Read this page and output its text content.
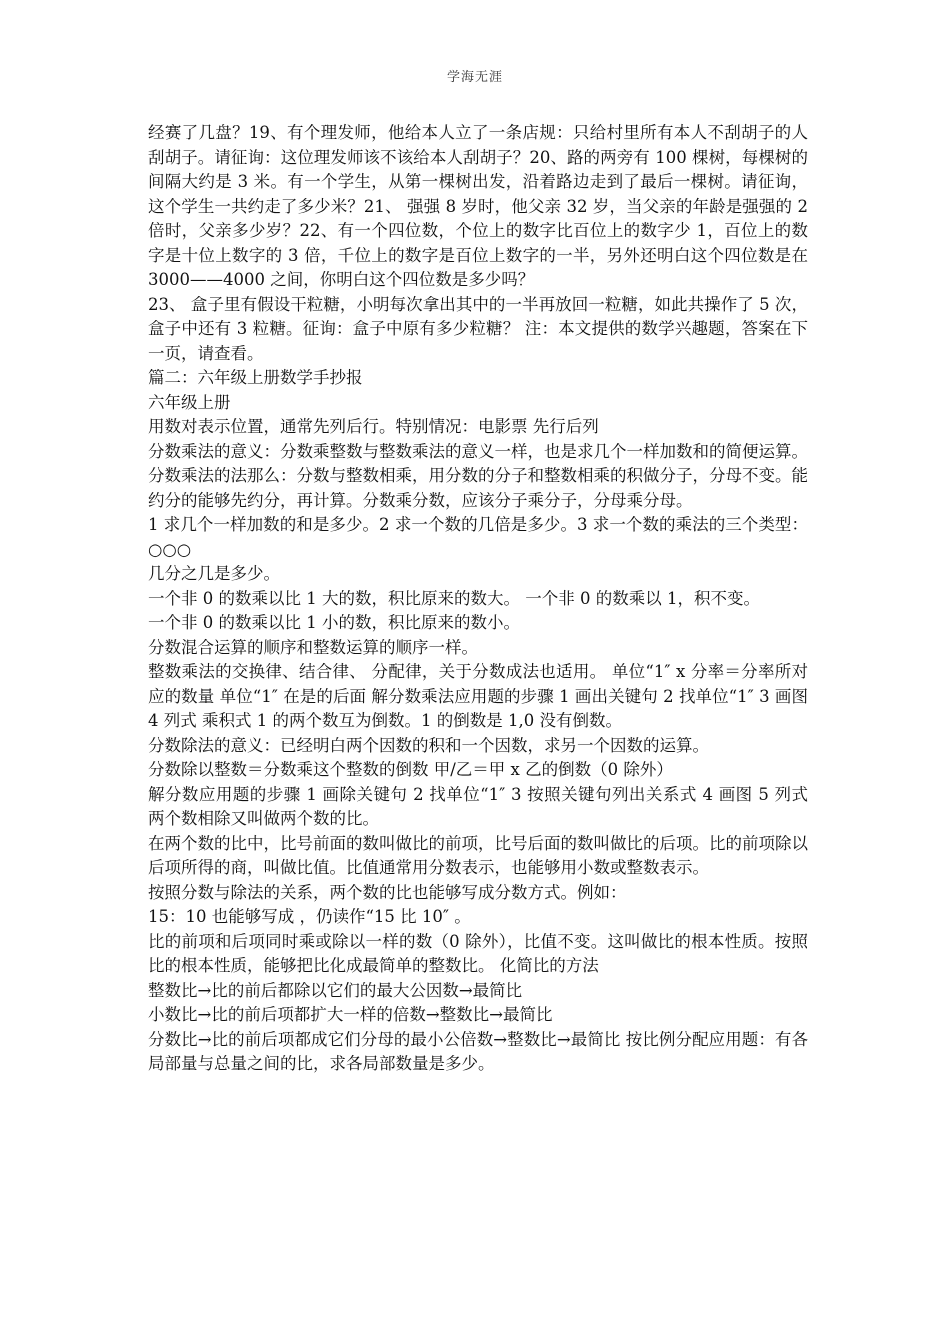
学海无涯

经赛了几盘？19、有个理发师，他给本人立了一条店规：只给村里所有本人不刮胡子的人刮胡子。请征询：这位理发师该不该给本人刮胡子？20、路的两旁有 100 棵树，每棵树的间隔大约是 3 米。有一个学生，从第一棵树出发，沿着路边走到了最后一棵树。请征询，这个学生一共约走了多少米？21、 强强 8 岁时，他父亲 32 岁，当父亲的年龄是强强的 2 倍时，父亲多少岁？22、有一个四位数，个位上的数字比百位上的数字少 1，百位上的数字是十位上数字的 3 倍，千位上的数字是百位上数字的一半，另外还明白这个四位数是在 3000——4000 之间，你明白这个四位数是多少吗？

23、 盒子里有假设干粒糖，小明每次拿出其中的一半再放回一粒糖，如此共操作了 5 次，盒子中还有 3 粒糖。征询：盒子中原有多少粒糖？ 注：本文提供的数学兴趣题，答案在下一页，请查看。

篇二：六年级上册数学手抄报

六年级上册

用数对表示位置，通常先列后行。特别情况：电影票 先行后列

分数乘法的意义：分数乘整数与整数乘法的意义一样，也是求几个一样加数和的简便运算。 分数乘法的法那么：分数与整数相乘，用分数的分子和整数相乘的积做分子，分母不变。能约分的能够先约分，再计算。分数乘分数，应该分子乘分子，分母乘分母。

1 求几个一样加数的和是多少。2 求一个数的几倍是多少。3 求一个数的乘法的三个类型：○○○

几分之几是多少。

一个非 0 的数乘以比 1 大的数，积比原来的数大。 一个非 0 的数乘以 1，积不变。

一个非 0 的数乘以比 1 小的数，积比原来的数小。

分数混合运算的顺序和整数运算的顺序一样。

整数乘法的交换律、结合律、 分配律，关于分数成法也适用。 单位“1″ x 分率＝分率所对应的数量 单位“1″ 在是的后面 解分数乘法应用题的步骤 1 画出关键句 2 找单位“1″ 3 画图 4 列式 乘积式 1 的两个数互为倒数。1 的倒数是 1,0 没有倒数。

分数除法的意义：已经明白两个因数的积和一个因数，求另一个因数的运算。

分数除以整数＝分数乘这个整数的倒数 甲/乙＝甲 x 乙的倒数（0 除外）

解分数应用题的步骤 1 画除关键句 2 找单位“1″ 3 按照关键句列出关系式 4 画图 5 列式 两个数相除又叫做两个数的比。

在两个数的比中，比号前面的数叫做比的前项，比号后面的数叫做比的后项。比的前项除以

后项所得的商，叫做比值。比值通常用分数表示，也能够用小数或整数表示。

按照分数与除法的关系，两个数的比也能够写成分数方式。例如：

15：10 也能够写成 ，仍读作“15 比 10″ 。

比的前项和后项同时乘或除以一样的数（0 除外），比值不变。这叫做比的根本性质。按照比的根本性质，能够把比化成最简单的整数比。 化简比的方法

整数比→比的前后都除以它们的最大公因数→最简比

小数比→比的前后项都扩大一样的倍数→整数比→最简比

分数比→比的前后项都成它们分母的最小公倍数→整数比→最简比 按比例分配应用题：有各局部量与总量之间的比，求各局部数量是多少。
